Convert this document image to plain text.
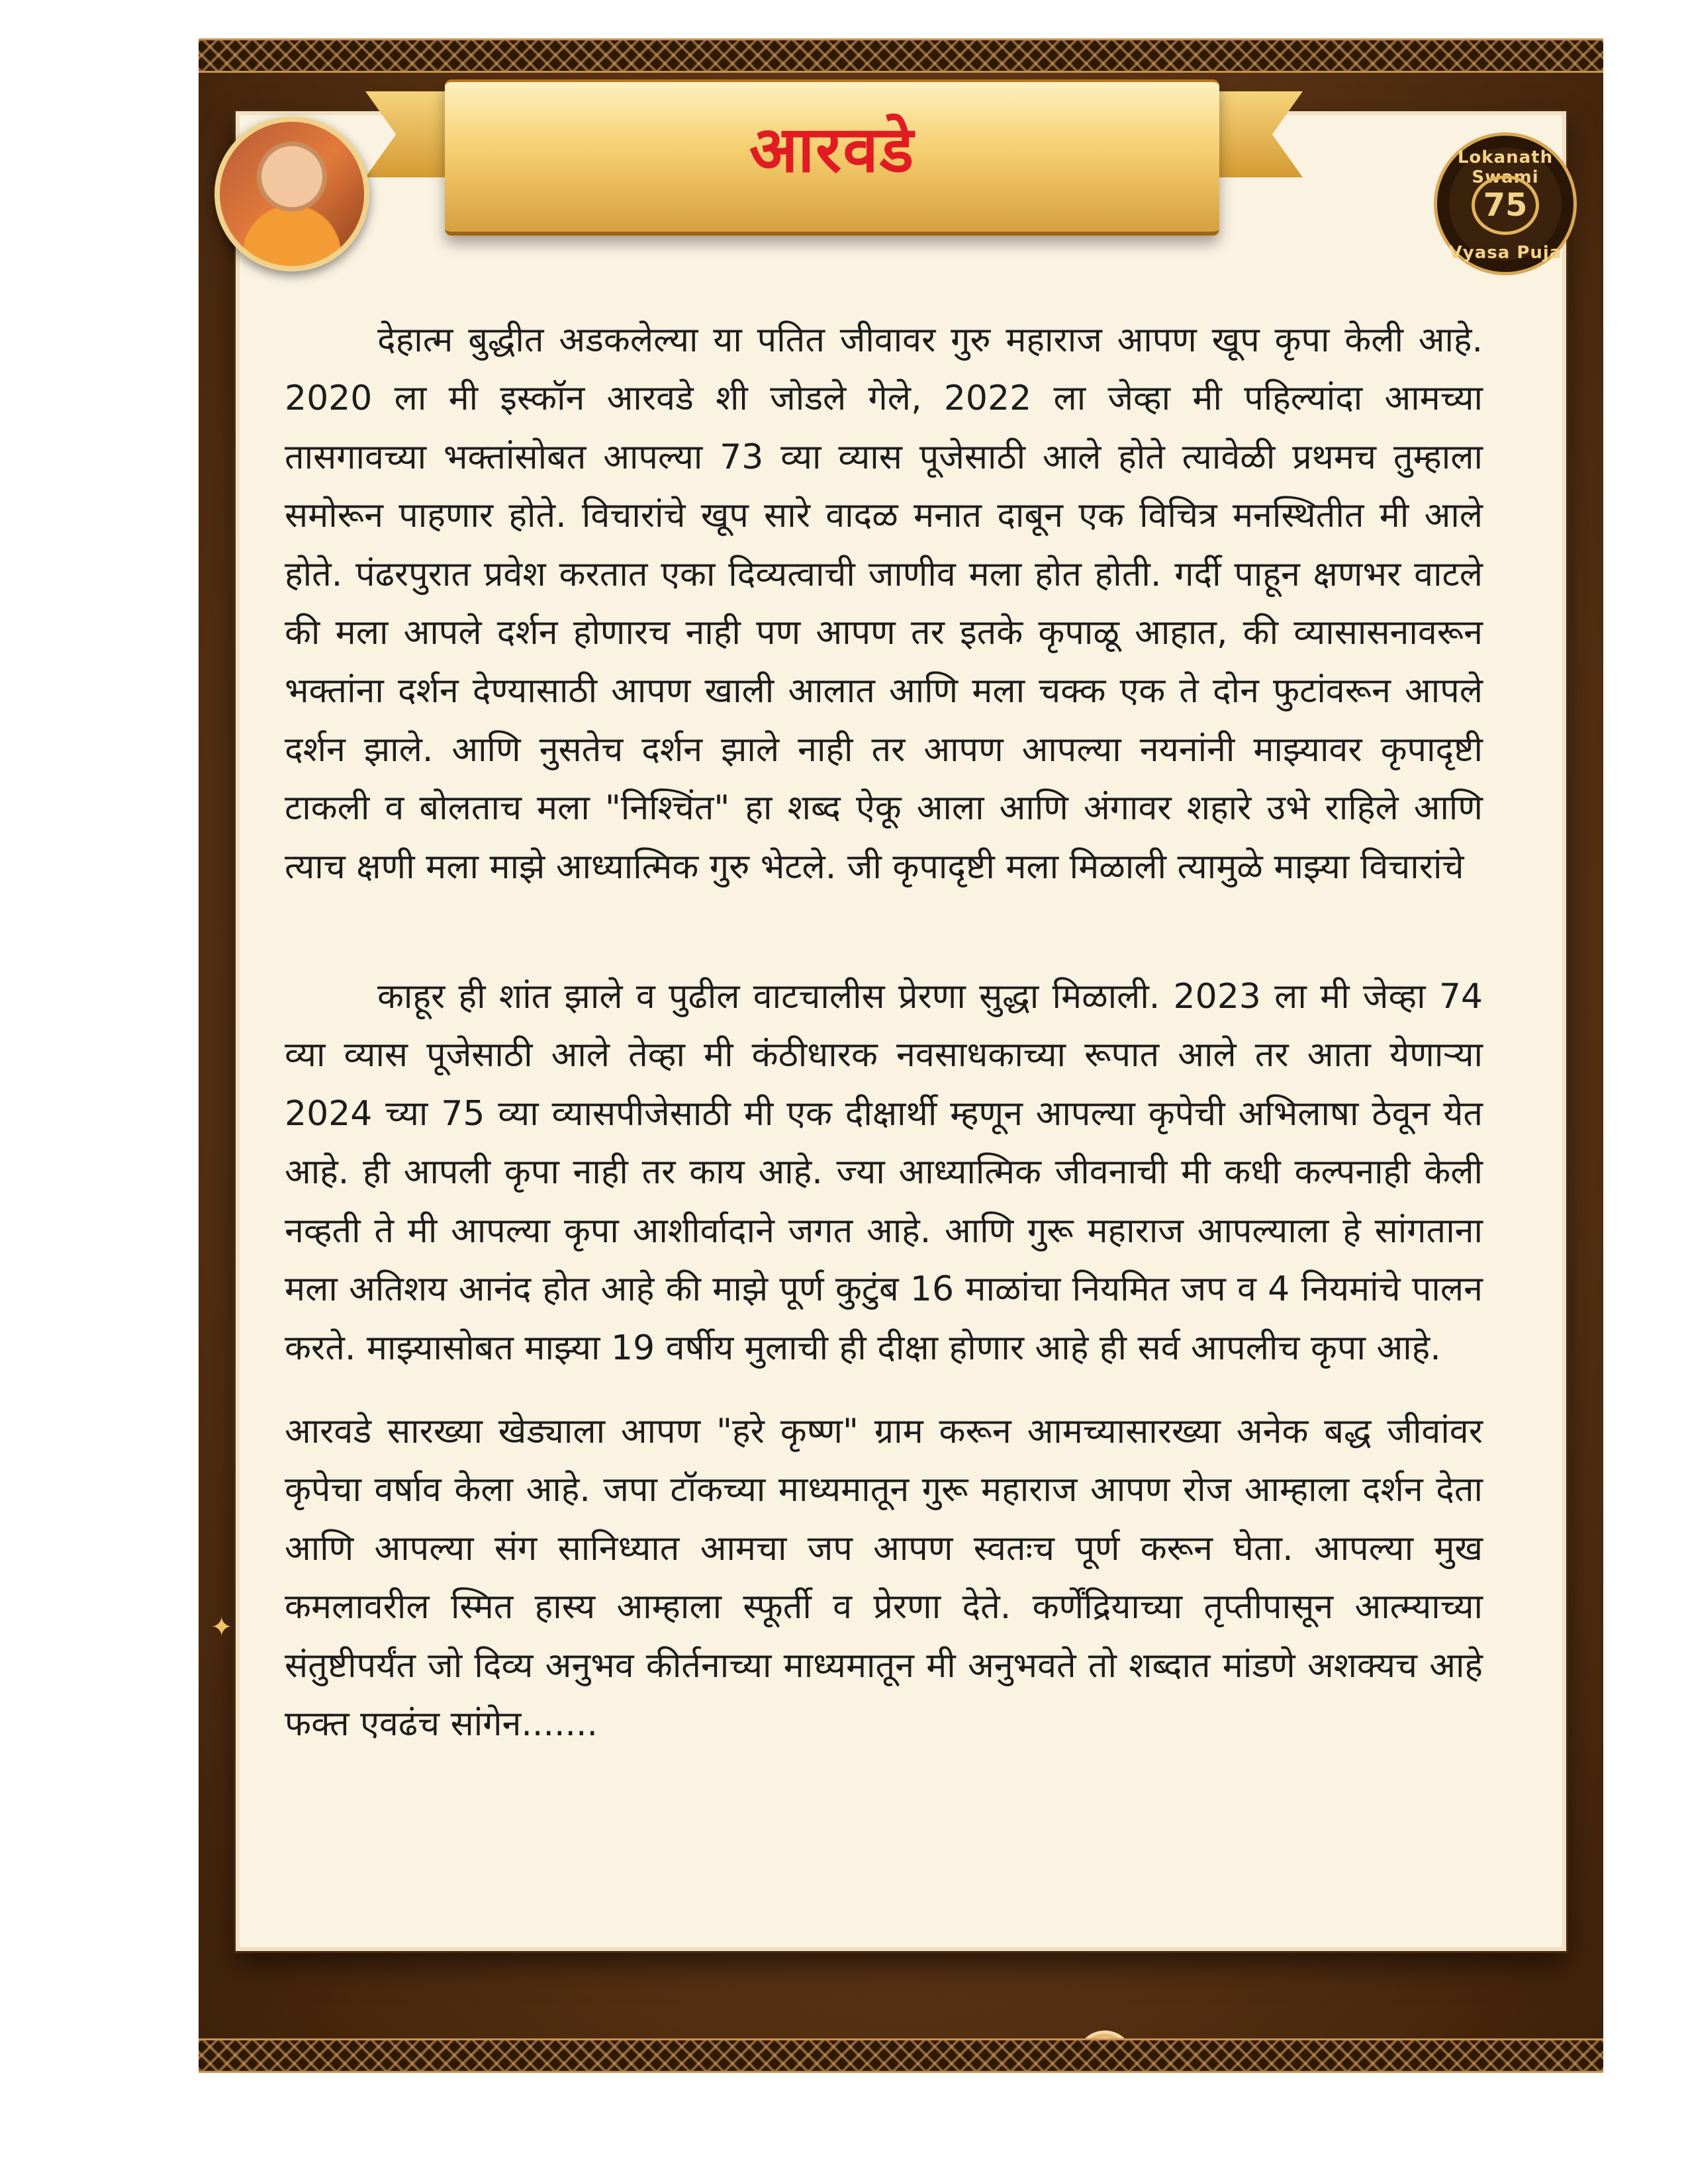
✦
आरवडे	Lokanath Swami
75
Vyasa Puja

देहात्म बुद्धीत अडकलेल्या या पतित जीवावर गुरु महाराज आपण खूप कृपा केली आहे. 2020 ला मी इस्कॉन आरवडे शी जोडले गेले, 2022 ला जेव्हा मी पहिल्यांदा आमच्या तासगावच्या भक्तांसोबत आपल्या 73 व्या व्यास पूजेसाठी आले होते त्यावेळी प्रथमच तुम्हाला समोरून पाहणार होते. विचारांचे खूप सारे वादळ मनात दाबून एक विचित्र मनस्थितीत मी आले होते. पंढरपुरात प्रवेश करतात एका दिव्यत्वाची जाणीव मला होत होती. गर्दी पाहून क्षणभर वाटले की मला आपले दर्शन होणारच नाही पण आपण तर इतके कृपाळू आहात, की व्यासासनावरून भक्तांना दर्शन देण्यासाठी आपण खाली आलात आणि मला चक्क एक ते दोन फुटांवरून आपले दर्शन झाले. आणि नुसतेच दर्शन झाले नाही तर आपण आपल्या नयनांनी माझ्यावर कृपादृष्टी टाकली व बोलताच मला "निश्चिंत" हा शब्द ऐकू आला आणि अंगावर शहारे उभे राहिले आणि त्याच क्षणी मला माझे आध्यात्मिक गुरु भेटले. जी कृपादृष्टी मला मिळाली त्यामुळे माझ्या विचारांचे

काहूर ही शांत झाले व पुढील वाटचालीस प्रेरणा सुद्धा मिळाली. 2023 ला मी जेव्हा 74 व्या व्यास पूजेसाठी आले तेव्हा मी कंठीधारक नवसाधकाच्या रूपात आले तर आता येणाऱ्या 2024 च्या 75 व्या व्यासपीजेसाठी मी एक दीक्षार्थी म्हणून आपल्या कृपेची अभिलाषा ठेवून येत आहे. ही आपली कृपा नाही तर काय आहे. ज्या आध्यात्मिक जीवनाची मी कधी कल्पनाही केली नव्हती ते मी आपल्या कृपा आशीर्वादाने जगत आहे. आणि गुरू महाराज आपल्याला हे सांगताना मला अतिशय आनंद होत आहे की माझे पूर्ण कुटुंब 16 माळांचा नियमित जप व 4 नियमांचे पालन करते. माझ्यासोबत माझ्या 19 वर्षीय मुलाची ही दीक्षा होणार आहे ही सर्व आपलीच कृपा आहे.

आरवडे सारख्या खेड्याला आपण "हरे कृष्ण" ग्राम करून आमच्यासारख्या अनेक बद्ध जीवांवर कृपेचा वर्षाव केला आहे. जपा टॉकच्या माध्यमातून गुरू महाराज आपण रोज आम्हाला दर्शन देता आणि आपल्या संग सानिध्यात आमचा जप आपण स्वतःच पूर्ण करून घेता. आपल्या मुख कमलावरील स्मित हास्य आम्हाला स्फूर्ती व प्रेरणा देते. कर्णेंद्रियाच्या तृप्तीपासून आत्म्याच्या संतुष्टीपर्यंत जो दिव्य अनुभव कीर्तनाच्या माध्यमातून मी अनुभवते तो शब्दात मांडणे अशक्यच आहे फक्त एवढंच सांगेन.......
